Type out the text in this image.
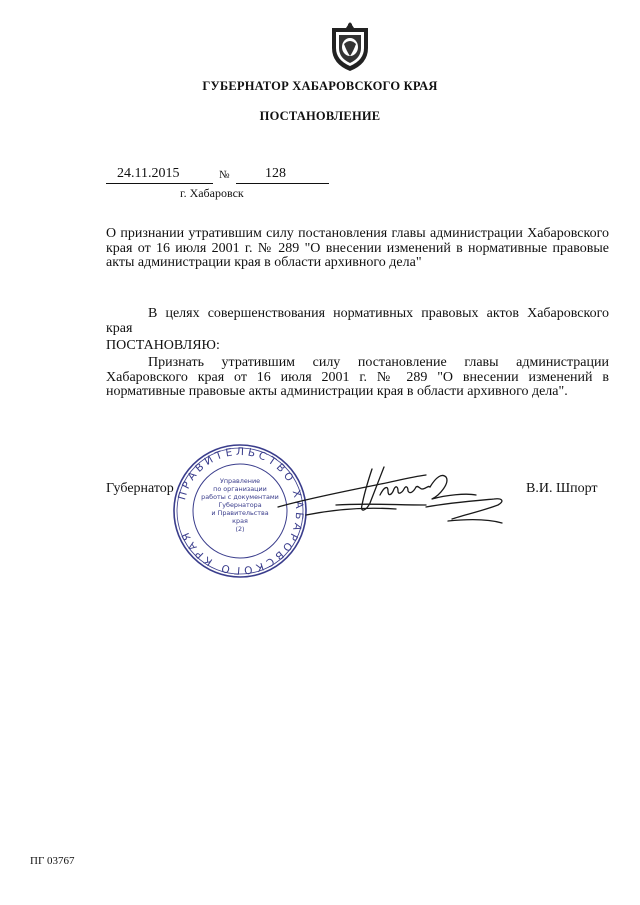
ГУБЕРНАТОР ХАБАРОВСКОГО КРАЯ
ПОСТАНОВЛЕНИЕ
24.11.2015	№	128
г. Хабаровск
О признании утратившим силу постановления главы администрации Хабаровского края от 16 июля 2001 г. № 289 "О внесении изменений в нормативные правовые акты администрации края в области архивного дела"
В целях совершенствования нормативных правовых актов Хабаровского края
ПОСТАНОВЛЯЮ:
Признать утратившим силу постановление главы администрации Хабаровского края от 16 июля 2001 г. № 289 "О внесении изменений в нормативные правовые акты администрации края в области архивного дела".
Губернатор	В.И. Шпорт
ПРАВИТЕЛЬСТВО ХАБАРОВСКОГО КРАЯ
Управление
по организации
работы с документами
Губернатора
и Правительства
края
(2)
ПГ 03767
